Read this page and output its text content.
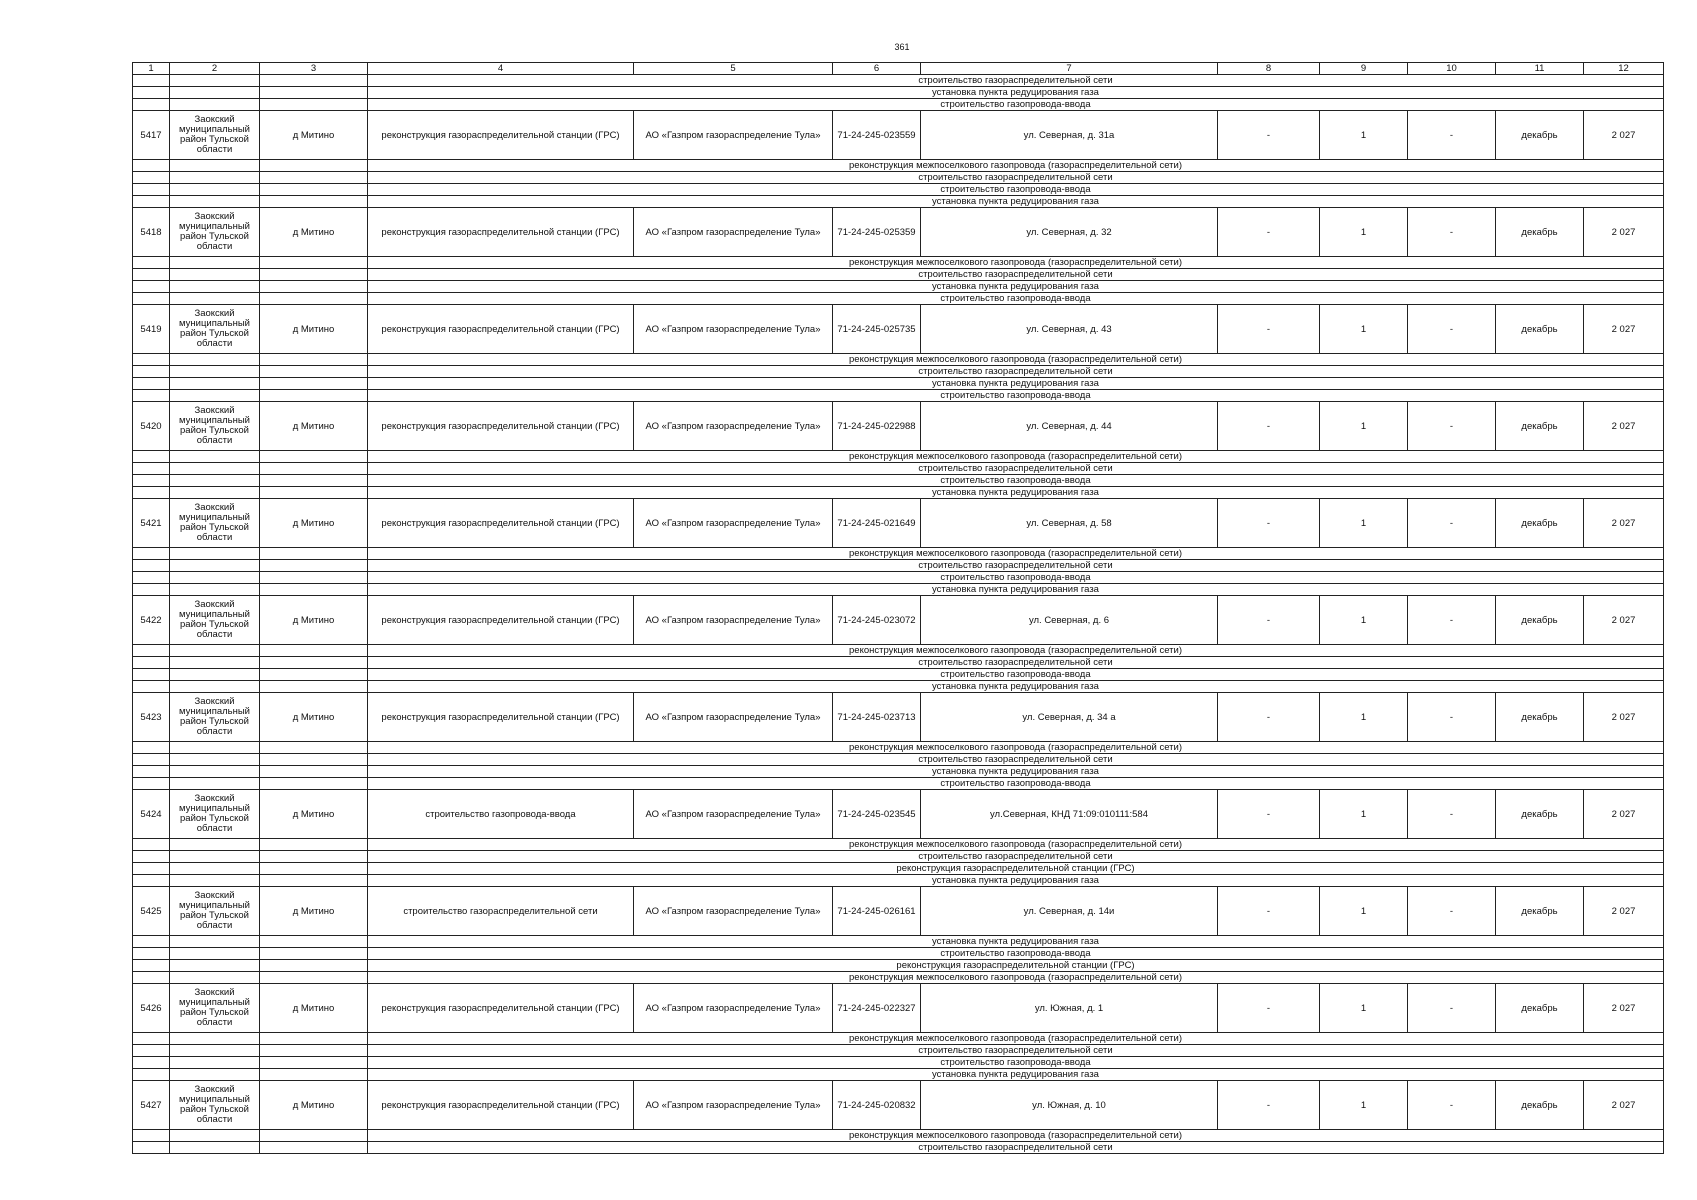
361
1	2	3	4	5	6	7	8	9	10	11	12
			строительство газораспределительной сети								
			установка пункта редуцирования газа								
			строительство газопровода-ввода								
5417	Заокский муниципальный район Тульской области	д Митино	реконструкция газораспределительной станции (ГРС)	АО «Газпром газораспределение Тула»	71-24-245-023559	ул. Северная, д. 31а	-	1	-	декабрь	2 027
			реконструкция межпоселкового газопровода (газораспределительной сети)								
			строительство газораспределительной сети								
			строительство газопровода-ввода								
			установка пункта редуцирования газа								
5418	Заокский муниципальный район Тульской области	д Митино	реконструкция газораспределительной станции (ГРС)	АО «Газпром газораспределение Тула»	71-24-245-025359	ул. Северная, д. 32	-	1	-	декабрь	2 027
			реконструкция межпоселкового газопровода (газораспределительной сети)								
			строительство газораспределительной сети								
			установка пункта редуцирования газа								
			строительство газопровода-ввода								
5419	Заокский муниципальный район Тульской области	д Митино	реконструкция газораспределительной станции (ГРС)	АО «Газпром газораспределение Тула»	71-24-245-025735	ул. Северная, д. 43	-	1	-	декабрь	2 027
			реконструкция межпоселкового газопровода (газораспределительной сети)								
			строительство газораспределительной сети								
			установка пункта редуцирования газа								
			строительство газопровода-ввода								
5420	Заокский муниципальный район Тульской области	д Митино	реконструкция газораспределительной станции (ГРС)	АО «Газпром газораспределение Тула»	71-24-245-022988	ул. Северная, д. 44	-	1	-	декабрь	2 027
			реконструкция межпоселкового газопровода (газораспределительной сети)								
			строительство газораспределительной сети								
			строительство газопровода-ввода								
			установка пункта редуцирования газа								
5421	Заокский муниципальный район Тульской области	д Митино	реконструкция газораспределительной станции (ГРС)	АО «Газпром газораспределение Тула»	71-24-245-021649	ул. Северная, д. 58	-	1	-	декабрь	2 027
			реконструкция межпоселкового газопровода (газораспределительной сети)								
			строительство газораспределительной сети								
			строительство газопровода-ввода								
			установка пункта редуцирования газа								
5422	Заокский муниципальный район Тульской области	д Митино	реконструкция газораспределительной станции (ГРС)	АО «Газпром газораспределение Тула»	71-24-245-023072	ул. Северная, д. 6	-	1	-	декабрь	2 027
			реконструкция межпоселкового газопровода (газораспределительной сети)								
			строительство газораспределительной сети								
			строительство газопровода-ввода								
			установка пункта редуцирования газа								
5423	Заокский муниципальный район Тульской области	д Митино	реконструкция газораспределительной станции (ГРС)	АО «Газпром газораспределение Тула»	71-24-245-023713	ул. Северная, д. 34 а	-	1	-	декабрь	2 027
			реконструкция межпоселкового газопровода (газораспределительной сети)								
			строительство газораспределительной сети								
			установка пункта редуцирования газа								
			строительство газопровода-ввода								
5424	Заокский муниципальный район Тульской области	д Митино	строительство газопровода-ввода	АО «Газпром газораспределение Тула»	71-24-245-023545	ул.Северная, КНД 71:09:010111:584	-	1	-	декабрь	2 027
			реконструкция межпоселкового газопровода (газораспределительной сети)								
			строительство газораспределительной сети								
			реконструкция газораспределительной станции (ГРС)								
			установка пункта редуцирования газа								
5425	Заокский муниципальный район Тульской области	д Митино	строительство газораспределительной сети	АО «Газпром газораспределение Тула»	71-24-245-026161	ул. Северная, д. 14и	-	1	-	декабрь	2 027
			установка пункта редуцирования газа								
			строительство газопровода-ввода								
			реконструкция газораспределительной станции (ГРС)								
			реконструкция межпоселкового газопровода (газораспределительной сети)								
5426	Заокский муниципальный район Тульской области	д Митино	реконструкция газораспределительной станции (ГРС)	АО «Газпром газораспределение Тула»	71-24-245-022327	ул. Южная, д. 1	-	1	-	декабрь	2 027
			реконструкция межпоселкового газопровода (газораспределительной сети)								
			строительство газораспределительной сети								
			строительство газопровода-ввода								
			установка пункта редуцирования газа								
5427	Заокский муниципальный район Тульской области	д Митино	реконструкция газораспределительной станции (ГРС)	АО «Газпром газораспределение Тула»	71-24-245-020832	ул. Южная, д. 10	-	1	-	декабрь	2 027
			реконструкция межпоселкового газопровода (газораспределительной сети)								
			строительство газораспределительной сети								
